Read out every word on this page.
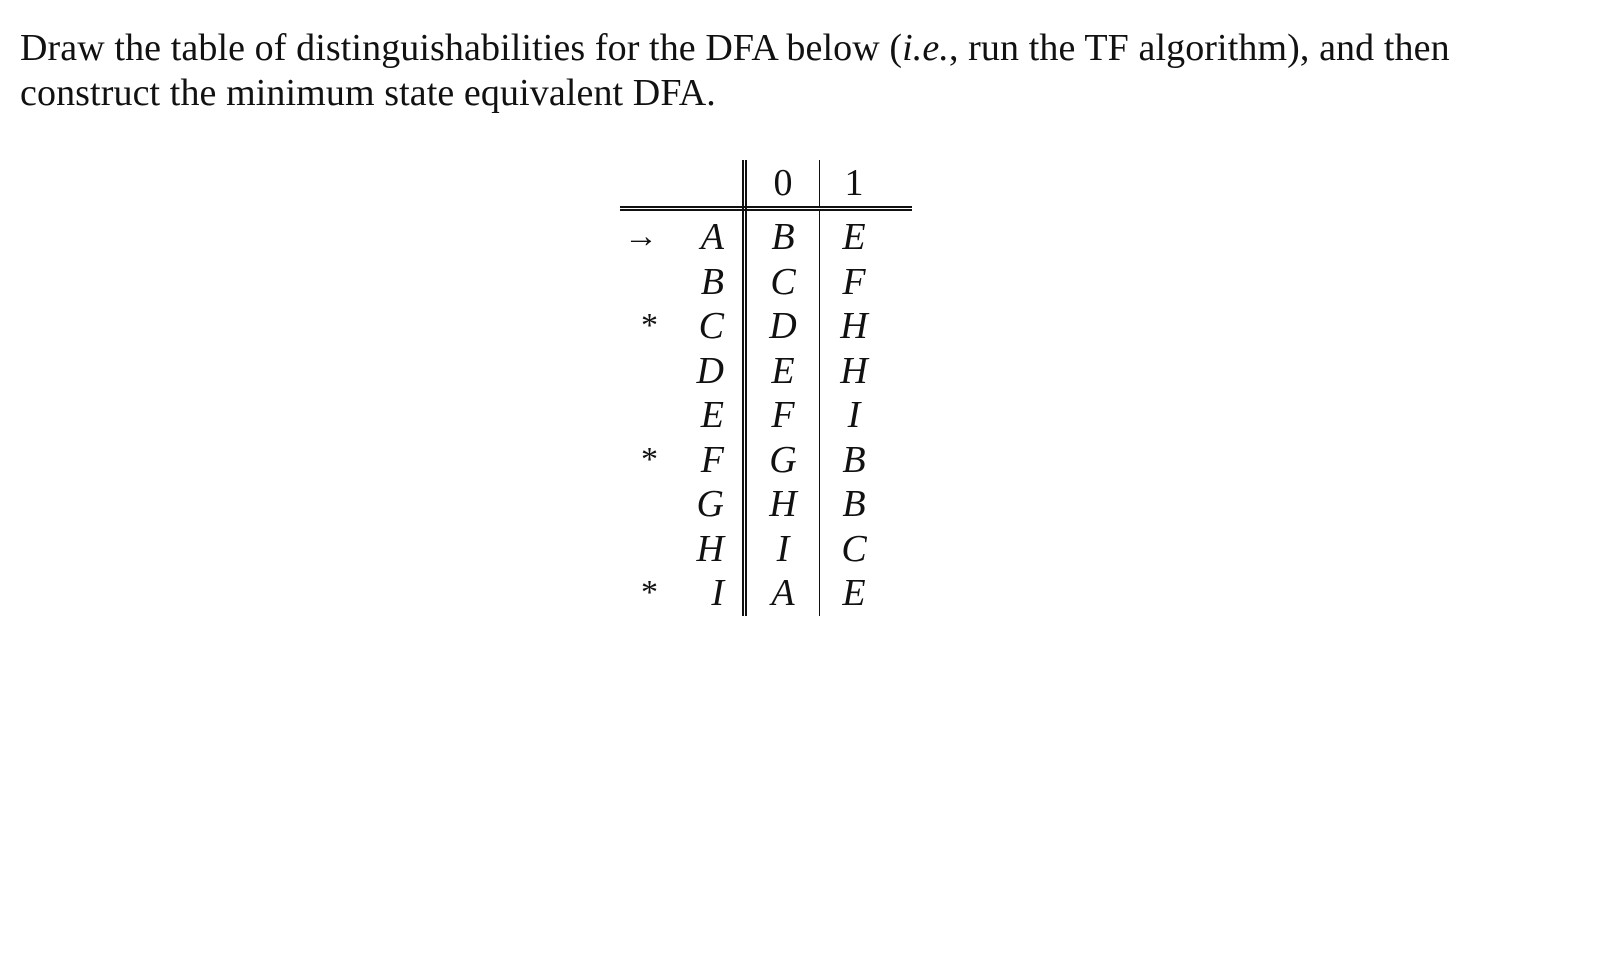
Draw the table of distinguishabilities for the DFA below (i.e., run the TF algorithm), and then construct the minimum state equivalent DFA.
		0	1	
→	A	B	E	
	B	C	F	
*	C	D	H	
	D	E	H	
	E	F	I	
*	F	G	B	
	G	H	B	
	H	I	C	
*	I	A	E	
